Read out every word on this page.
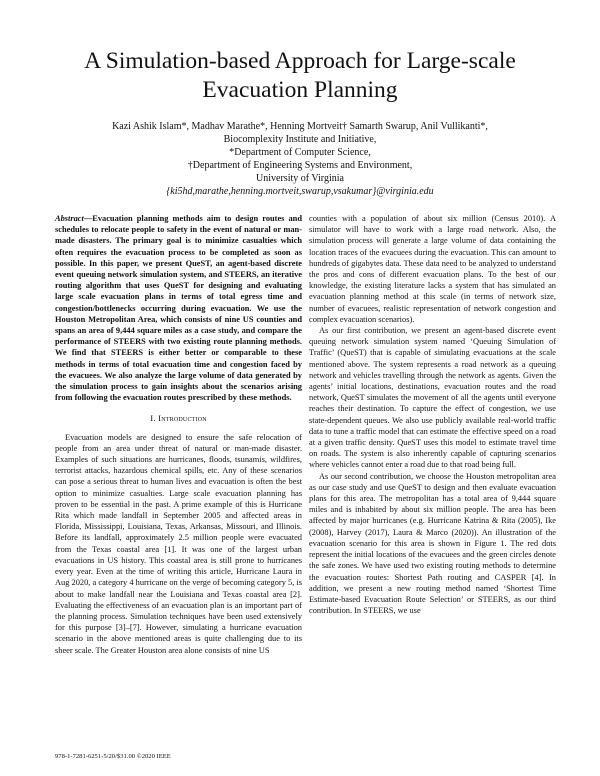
A Simulation-based Approach for Large-scale
Evacuation Planning
Kazi Ashik Islam*, Madhav Marathe*, Henning Mortveit† Samarth Swarup, Anil Vullikanti*,
Biocomplexity Institute and Initiative,
*Department of Computer Science,
†Department of Engineering Systems and Environment,
University of Virginia
{ki5hd,marathe,henning.mortveit,swarup,vsakumar}@virginia.edu

Abstract—Evacuation planning methods aim to design routes and schedules to relocate people to safety in the event of natural or man-made disasters. The primary goal is to minimize casualties which often requires the evacuation process to be completed as soon as possible. In this paper, we present QueST, an agent-based discrete event queuing network simulation system, and STEERS, an iterative routing algorithm that uses QueST for designing and evaluating large scale evacuation plans in terms of total egress time and congestion/bottlenecks occurring during evacuation. We use the Houston Metropolitan Area, which consists of nine US counties and spans an area of 9,444 square miles as a case study, and compare the performance of STEERS with two existing route planning methods. We find that STEERS is either better or comparable to these methods in terms of total evacuation time and congestion faced by the evacuees. We also analyze the large volume of data generated by the simulation process to gain insights about the scenarios arising from following the evacuation routes prescribed by these methods.

I. Introduction

Evacuation models are designed to ensure the safe relocation of people from an area under threat of natural or man-made disaster. Examples of such situations are hurricanes, floods, tsunamis, wildfires, terrorist attacks, hazardous chemical spills, etc. Any of these scenarios can pose a serious threat to human lives and evacuation is often the best option to minimize casualties. Large scale evacuation planning has proven to be essential in the past. A prime example of this is Hurricane Rita which made landfall in September 2005 and affected areas in Florida, Mississippi, Louisiana, Texas, Arkansas, Missouri, and Illinois. Before its landfall, approximately 2.5 million people were evacuated from the Texas coastal area [1]. It was one of the largest urban evacuations in US history. This coastal area is still prone to hurricanes every year. Even at the time of writing this article, Hurricane Laura in Aug 2020, a category 4 hurricane on the verge of becoming category 5, is about to make landfall near the Louisiana and Texas coastal area [2]. Evaluating the effectiveness of an evacuation plan is an important part of the planning process. Simulation techniques have been used extensively for this purpose [3]–[7]. However, simulating a hurricane evacuation scenario in the above mentioned areas is quite challenging due to its sheer scale. The Greater Houston area alone consists of nine US

counties with a population of about six million (Census 2010). A simulator will have to work with a large road network. Also, the simulation process will generate a large volume of data containing the location traces of the evacuees during the evacuation. This can amount to hundreds of gigabytes data. These data need to be analyzed to understand the pros and cons of different evacuation plans. To the best of our knowledge, the existing literature lacks a system that has simulated an evacuation planning method at this scale (in terms of network size, number of evacuees, realistic representation of network congestion and complex evacuation scenarios).

As our first contribution, we present an agent-based discrete event queuing network simulation system named ‘Queuing Simulation of Traffic’ (QueST) that is capable of simulating evacuations at the scale mentioned above. The system represents a road network as a queuing network and vehicles travelling through the network as agents. Given the agents’ initial locations, destinations, evacuation routes and the road network, QueST simulates the movement of all the agents until everyone reaches their destination. To capture the effect of congestion, we use state-dependent queues. We also use publicly available real-world traffic data to tune a traffic model that can estimate the effective speed on a road at a given traffic density. QueST uses this model to estimate travel time on roads. The system is also inherently capable of capturing scenarios where vehicles cannot enter a road due to that road being full.

As our second contribution, we choose the Houston metropolitan area as our case study and use QueST to design and then evaluate evacuation plans for this area. The metropolitan has a total area of 9,444 square miles and is inhabited by about six million people. The area has been affected by major hurricanes (e.g. Hurricane Katrina & Rita (2005), Ike (2008), Harvey (2017), Laura & Marco (2020)). An illustration of the evacuation scenario for this area is shown in Figure 1. The red dots represent the initial locations of the evacuees and the green circles denote the safe zones. We have used two existing routing methods to determine the evacuation routes: Shortest Path routing and CASPER [4]. In addition, we present a new routing method named ‘Shortest Time Estimate-based Evacuation Route Selection’ or STEERS, as our third contribution. In STEERS, we use

978-1-7281-6251-5/20/$31.00 ©2020 IEEE
